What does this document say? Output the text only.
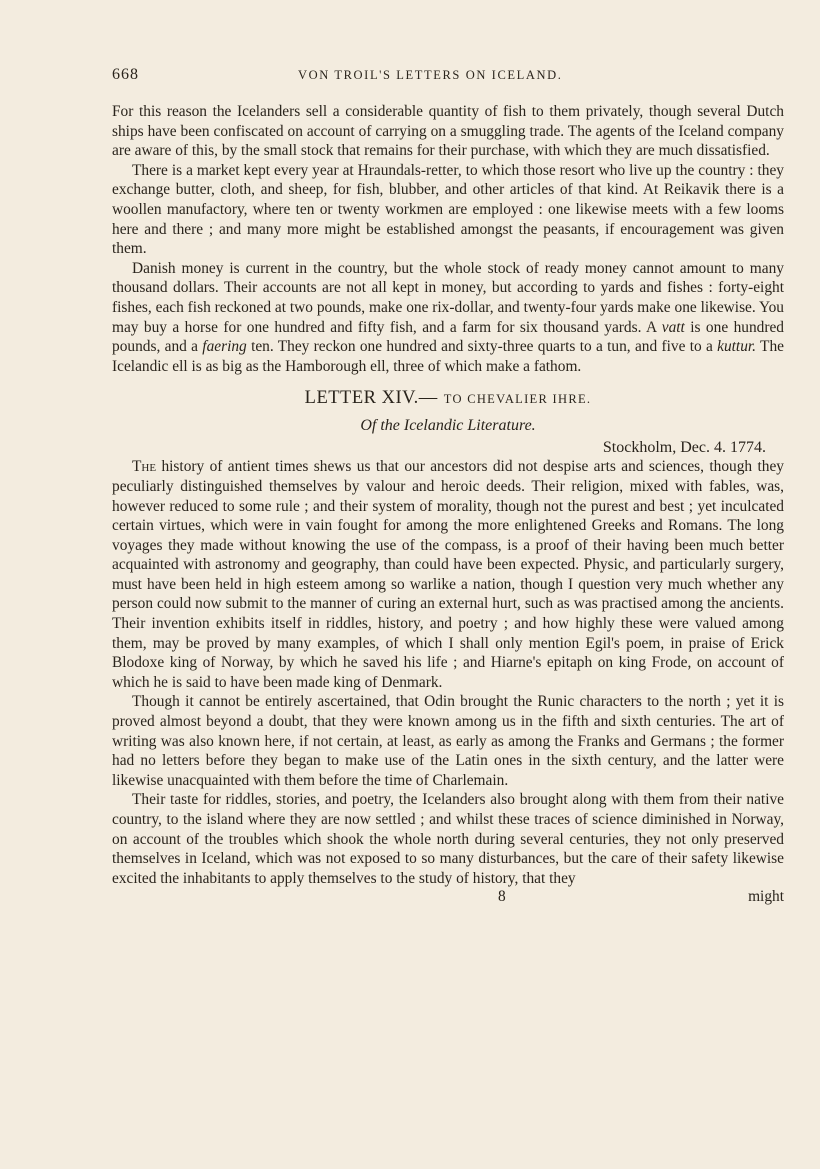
668	VON TROIL'S LETTERS ON ICELAND.

For this reason the Icelanders sell a considerable quantity of fish to them privately, though several Dutch ships have been confiscated on account of carrying on a smuggling trade. The agents of the Iceland company are aware of this, by the small stock that remains for their purchase, with which they are much dissatisfied.

There is a market kept every year at Hraundals-retter, to which those resort who live up the country : they exchange butter, cloth, and sheep, for fish, blubber, and other articles of that kind. At Reikavik there is a woollen manufactory, where ten or twenty workmen are employed : one likewise meets with a few looms here and there ; and many more might be established amongst the peasants, if encouragement was given them.

Danish money is current in the country, but the whole stock of ready money cannot amount to many thousand dollars. Their accounts are not all kept in money, but according to yards and fishes : forty-eight fishes, each fish reckoned at two pounds, make one rix-dollar, and twenty-four yards make one likewise. You may buy a horse for one hundred and fifty fish, and a farm for six thousand yards. A vatt is one hundred pounds, and a faering ten. They reckon one hundred and sixty-three quarts to a tun, and five to a kuttur. The Icelandic ell is as big as the Hamborough ell, three of which make a fathom.

LETTER XIV.— TO CHEVALIER IHRE.
Of the Icelandic Literature.
Stockholm, Dec. 4. 1774.

The history of antient times shews us that our ancestors did not despise arts and sciences, though they peculiarly distinguished themselves by valour and heroic deeds. Their religion, mixed with fables, was, however reduced to some rule ; and their system of morality, though not the purest and best ; yet inculcated certain virtues, which were in vain fought for among the more enlightened Greeks and Romans. The long voyages they made without knowing the use of the compass, is a proof of their having been much better acquainted with astronomy and geography, than could have been expected. Physic, and particularly surgery, must have been held in high esteem among so warlike a nation, though I question very much whether any person could now submit to the manner of curing an external hurt, such as was practised among the ancients. Their invention exhibits itself in riddles, history, and poetry ; and how highly these were valued among them, may be proved by many examples, of which I shall only mention Egil's poem, in praise of Erick Blodoxe king of Norway, by which he saved his life ; and Hiarne's epitaph on king Frode, on account of which he is said to have been made king of Denmark.

Though it cannot be entirely ascertained, that Odin brought the Runic characters to the north ; yet it is proved almost beyond a doubt, that they were known among us in the fifth and sixth centuries. The art of writing was also known here, if not certain, at least, as early as among the Franks and Germans ; the former had no letters before they began to make use of the Latin ones in the sixth century, and the latter were likewise unacquainted with them before the time of Charlemain.

Their taste for riddles, stories, and poetry, the Icelanders also brought along with them from their native country, to the island where they are now settled ; and whilst these traces of science diminished in Norway, on account of the troubles which shook the whole north during several centuries, they not only preserved themselves in Iceland, which was not exposed to so many disturbances, but the care of their safety likewise excited the inhabitants to apply themselves to the study of history, that they

8	might
